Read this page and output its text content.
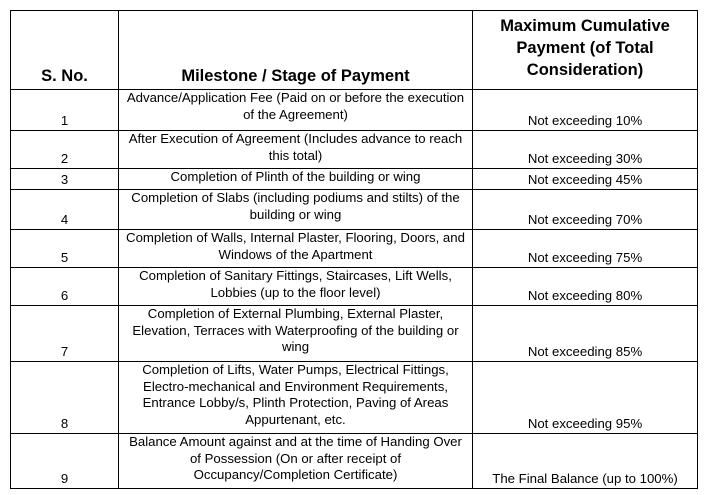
S. No.	Milestone / Stage of Payment	Maximum Cumulative Payment (of Total Consideration)
1	Advance/Application Fee (Paid on or before the execution of the Agreement)	Not exceeding 10%
2	After Execution of Agreement (Includes advance to reach this total)	Not exceeding 30%
3	Completion of Plinth of the building or wing	Not exceeding 45%
4	Completion of Slabs (including podiums and stilts) of the building or wing	Not exceeding 70%
5	Completion of Walls, Internal Plaster, Flooring, Doors, and Windows of the Apartment	Not exceeding 75%
6	Completion of Sanitary Fittings, Staircases, Lift Wells, Lobbies (up to the floor level)	Not exceeding 80%
7	Completion of External Plumbing, External Plaster, Elevation, Terraces with Waterproofing of the building or wing	Not exceeding 85%
8	Completion of Lifts, Water Pumps, Electrical Fittings, Electro-mechanical and Environment Requirements, Entrance Lobby/s, Plinth Protection, Paving of Areas Appurtenant, etc.	Not exceeding 95%
9	Balance Amount against and at the time of Handing Over of Possession (On or after receipt of Occupancy/Completion Certificate)	The Final Balance (up to 100%)
